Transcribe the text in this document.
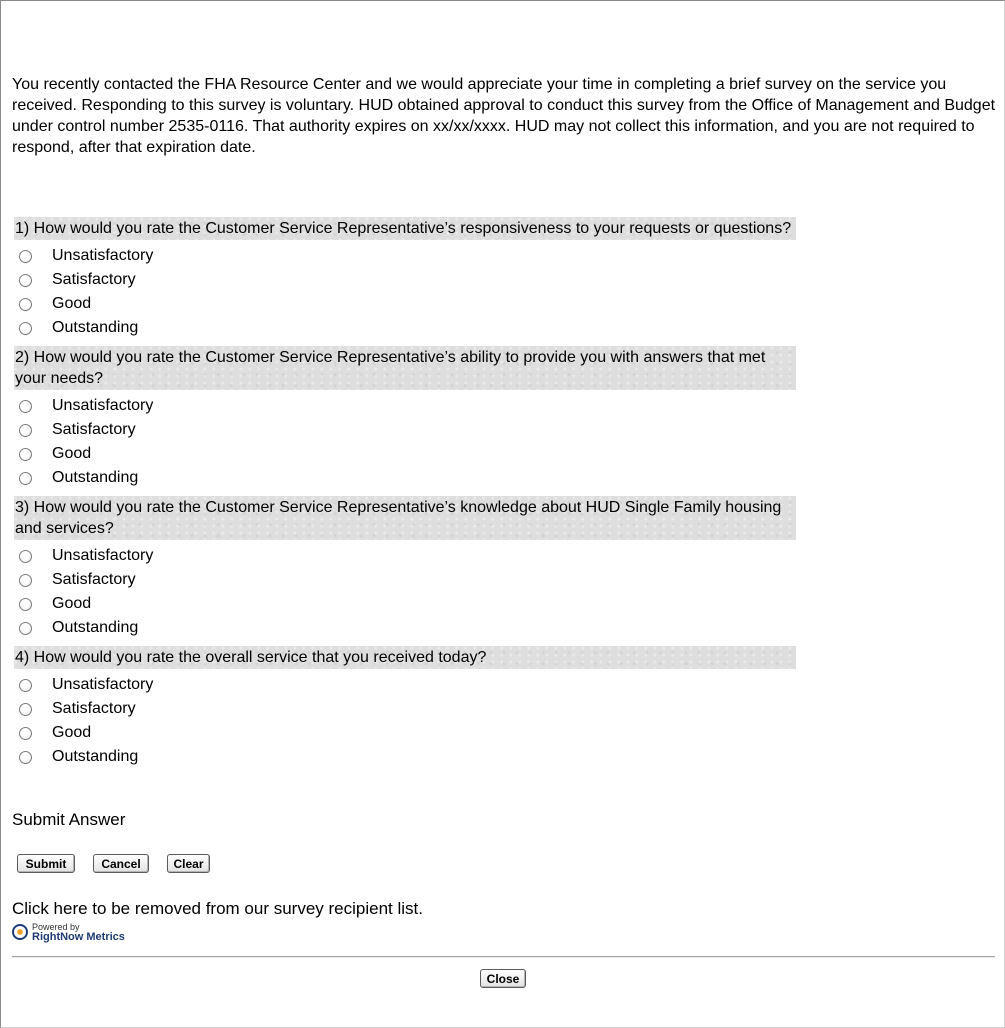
You recently contacted the FHA Resource Center and we would appreciate your time in completing a brief survey on the service you received. Responding to this survey is voluntary. HUD obtained approval to conduct this survey from the Office of Management and Budget under control number 2535-0116. That authority expires on xx/xx/xxxx. HUD may not collect this information, and you are not required to respond, after that expiration date.
1) How would you rate the Customer Service Representative’s responsiveness to your requests or questions?
Unsatisfactory
Satisfactory
Good
Outstanding
2) How would you rate the Customer Service Representative’s ability to provide you with answers that met your needs?
Unsatisfactory
Satisfactory
Good
Outstanding
3) How would you rate the Customer Service Representative’s knowledge about HUD Single Family housing and services?
Unsatisfactory
Satisfactory
Good
Outstanding
4) How would you rate the overall service that you received today?
Unsatisfactory
Satisfactory
Good
Outstanding
Submit Answer
Submit	Cancel	Clear
Click here to be removed from our survey recipient list.
Powered by
RightNow Metrics
Close
